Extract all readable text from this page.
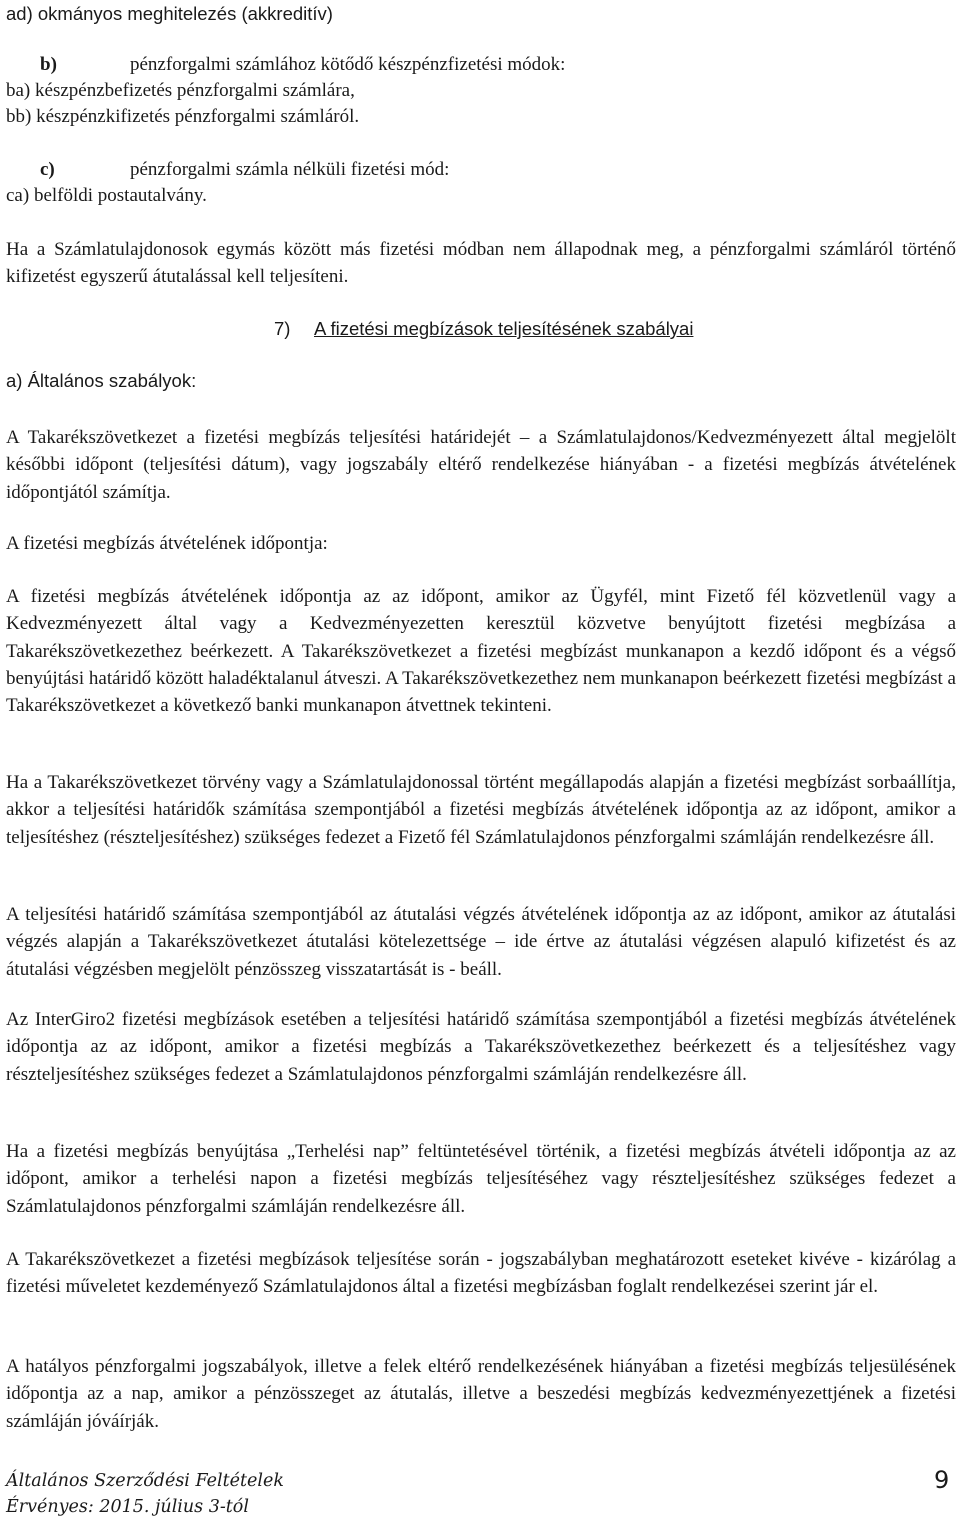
ad) okmányos meghitelezés (akkreditív)
b)	pénzforgalmi számlához kötődő készpénzfizetési módok:
ba) készpénzbefizetés pénzforgalmi számlára,
bb) készpénzkifizetés pénzforgalmi számláról.
c)	pénzforgalmi számla nélküli fizetési mód:
ca) belföldi postautalvány.

Ha a Számlatulajdonosok egymás között más fizetési módban nem állapodnak meg, a pénzforgalmi számláról történő kifizetést egyszerű átutalással kell teljesíteni.

7) A fizetési megbízások teljesítésének szabályai
a) Általános szabályok:

A Takarékszövetkezet a fizetési megbízás teljesítési határidejét – a Számlatulajdonos/Kedvezményezett által megjelölt későbbi időpont (teljesítési dátum), vagy jogszabály eltérő rendelkezése hiányában - a fizetési megbízás átvételének időpontjától számítja.

A fizetési megbízás átvételének időpontja:

A fizetési megbízás átvételének időpontja az az időpont, amikor az Ügyfél, mint Fizető fél közvetlenül vagy a Kedvezményezett által vagy a Kedvezményezetten keresztül közvetve benyújtott fizetési megbízása a Takarékszövetkezethez beérkezett. A Takarékszövetkezet a fizetési megbízást munkanapon a kezdő időpont és a végső benyújtási határidő között haladéktalanul átveszi. A Takarékszövetkezethez nem munkanapon beérkezett fizetési megbízást a Takarékszövetkezet a következő banki munkanapon átvettnek tekinteni.

Ha a Takarékszövetkezet törvény vagy a Számlatulajdonossal történt megállapodás alapján a fizetési megbízást sorbaállítja, akkor a teljesítési határidők számítása szempontjából a fizetési megbízás átvételének időpontja az az időpont, amikor a teljesítéshez (részteljesítéshez) szükséges fedezet a Fizető fél Számlatulajdonos pénzforgalmi számláján rendelkezésre áll.

A teljesítési határidő számítása szempontjából az átutalási végzés átvételének időpontja az az időpont, amikor az átutalási végzés alapján a Takarékszövetkezet átutalási kötelezettsége – ide értve az átutalási végzésen alapuló kifizetést és az átutalási végzésben megjelölt pénzösszeg visszatartását is - beáll.

Az InterGiro2 fizetési megbízások esetében a teljesítési határidő számítása szempontjából a fizetési megbízás átvételének időpontja az az időpont, amikor a fizetési megbízás a Takarékszövetkezethez beérkezett és a teljesítéshez vagy részteljesítéshez szükséges fedezet a Számlatulajdonos pénzforgalmi számláján rendelkezésre áll.

Ha a fizetési megbízás benyújtása „Terhelési nap” feltüntetésével történik, a fizetési megbízás átvételi időpontja az az időpont, amikor a terhelési napon a fizetési megbízás teljesítéséhez vagy részteljesítéshez szükséges fedezet a Számlatulajdonos pénzforgalmi számláján rendelkezésre áll.

A Takarékszövetkezet a fizetési megbízások teljesítése során - jogszabályban meghatározott eseteket kivéve - kizárólag a fizetési műveletet kezdeményező Számlatulajdonos által a fizetési megbízásban foglalt rendelkezései szerint jár el.

A hatályos pénzforgalmi jogszabályok, illetve a felek eltérő rendelkezésének hiányában a fizetési megbízás teljesülésének időpontja az a nap, amikor a pénzösszeget az átutalás, illetve a beszedési megbízás kedvezményezettjének a fizetési számláján jóváírják.

Általános Szerződési Feltételek
Érvényes: 2015. július 3-tól
9
